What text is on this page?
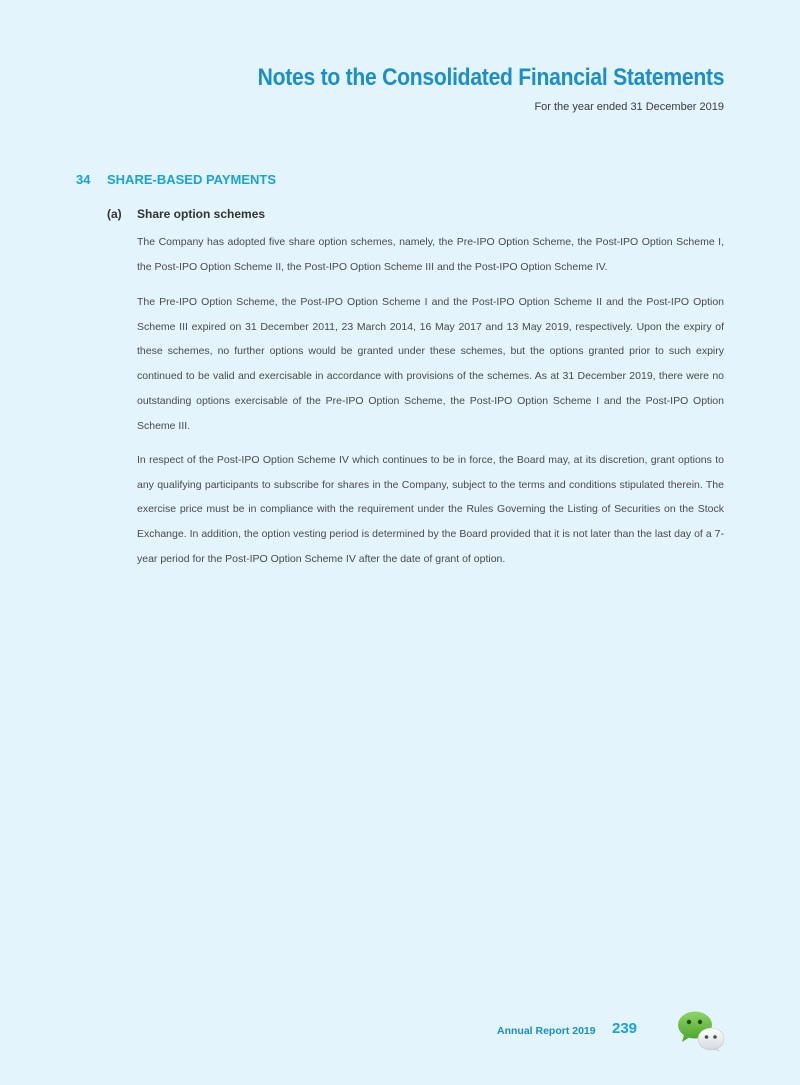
Notes to the Consolidated Financial Statements
For the year ended 31 December 2019
34 SHARE-BASED PAYMENTS
(a) Share option schemes

The Company has adopted five share option schemes, namely, the Pre-IPO Option Scheme, the Post-IPO Option Scheme I, the Post-IPO Option Scheme II, the Post-IPO Option Scheme III and the Post-IPO Option Scheme IV.

The Pre-IPO Option Scheme, the Post-IPO Option Scheme I and the Post-IPO Option Scheme II and the Post-IPO Option Scheme III expired on 31 December 2011, 23 March 2014, 16 May 2017 and 13 May 2019, respectively. Upon the expiry of these schemes, no further options would be granted under these schemes, but the options granted prior to such expiry continued to be valid and exercisable in accordance with provisions of the schemes. As at 31 December 2019, there were no outstanding options exercisable of the Pre-IPO Option Scheme, the Post-IPO Option Scheme I and the Post-IPO Option Scheme III.

In respect of the Post-IPO Option Scheme IV which continues to be in force, the Board may, at its discretion, grant options to any qualifying participants to subscribe for shares in the Company, subject to the terms and conditions stipulated therein. The exercise price must be in compliance with the requirement under the Rules Governing the Listing of Securities on the Stock Exchange. In addition, the option vesting period is determined by the Board provided that it is not later than the last day of a 7-year period for the Post-IPO Option Scheme IV after the date of grant of option.

Annual Report 2019 239
